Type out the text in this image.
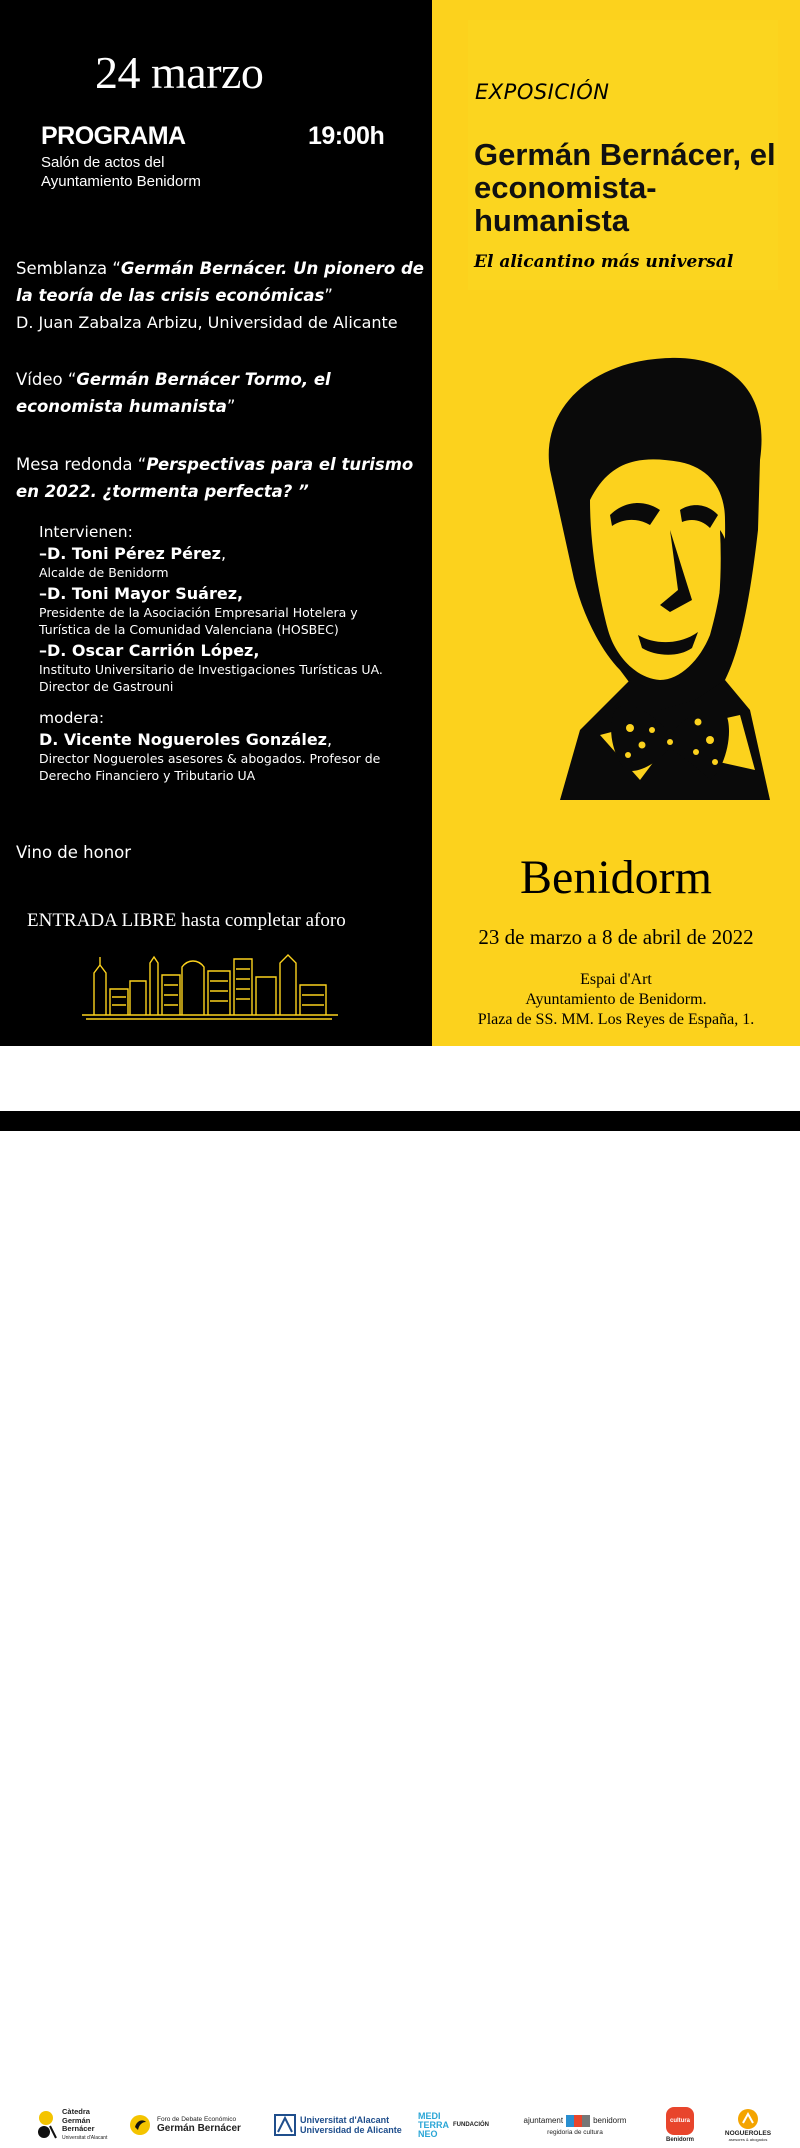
24 marzo
PROGRAMA	19:00h
Salón de actos del
Ayuntamiento Benidorm
Semblanza “Germán Bernácer. Un pionero de la teoría de las crisis económicas”
D. Juan Zabalza Arbizu, Universidad de Alicante
Vídeo “Germán Bernácer Tormo, el economista humanista”
Mesa redonda “Perspectivas para el turismo en 2022. ¿tormenta perfecta? ”
Intervienen:
–D. Toni Pérez Pérez,
Alcalde de Benidorm
–D. Toni Mayor Suárez,
Presidente de la Asociación Empresarial Hotelera y Turística de la Comunidad Valenciana (HOSBEC)
–D. Oscar Carrión López,
Instituto Universitario de Investigaciones Turísticas UA. Director de Gastrouni
modera:
D. Vicente Nogueroles González,
Director Nogueroles asesores & abogados. Profesor de Derecho Financiero y Tributario UA
Vino de honor
ENTRADA LIBRE hasta completar aforo
EXPOSICIÓN
Germán Bernácer, el economista-humanista
El alicantino más universal
Benidorm
23 de marzo a 8 de abril de 2022
Espai d'Art
Ayuntamiento de Benidorm.
Plaza de SS. MM. Los Reyes de España, 1.
Càtedra
Germán
Bernácer
Universitat d'Alacant
Foro de Debate Económico
Germán Bernácer
Universitat d'Alacant
Universidad de Alicante
MEDI
TERRA
NEO
FUNDACIÓN	ajuntament	benidorm
regidoria de cultura
cultura
Benidorm
NOGUEROLES
asesores & abogados
